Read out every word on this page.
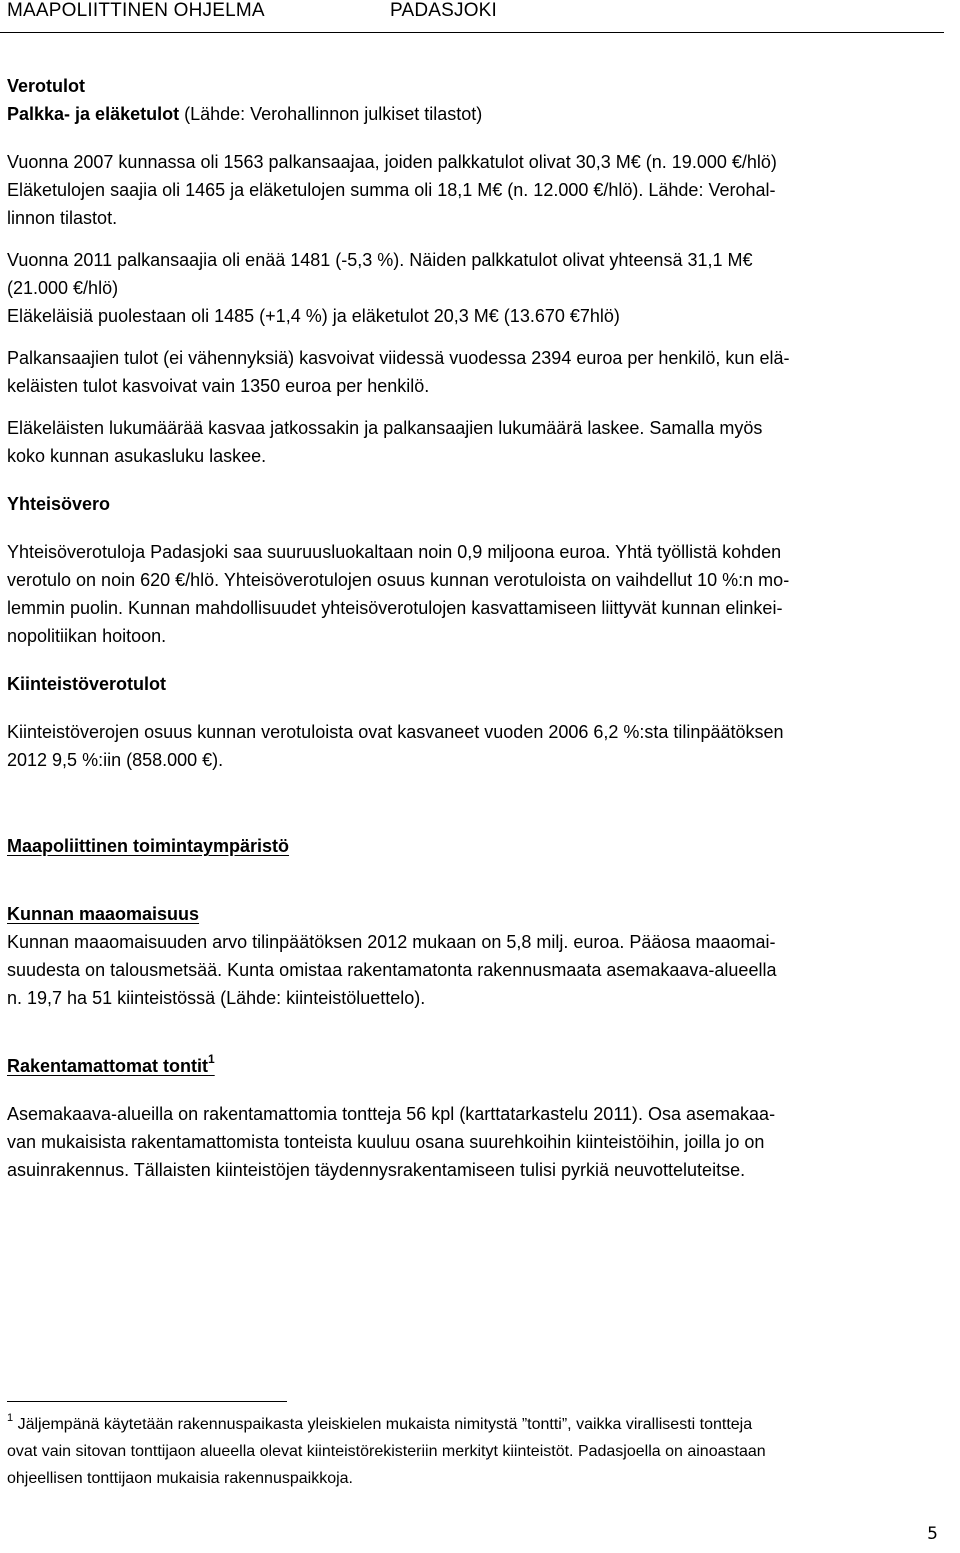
MAAPOLIITTINEN OHJELMA	PADASJOKI

Verotulot

Palkka- ja eläketulot (Lähde: Verohallinnon julkiset tilastot)

Vuonna 2007 kunnassa oli 1563 palkansaajaa, joiden palkkatulot olivat 30,3 M€ (n. 19.000 €/hlö)

Eläketulojen saajia oli 1465 ja eläketulojen summa oli 18,1 M€ (n. 12.000 €/hlö). Lähde: Verohal-

linnon tilastot.

Vuonna 2011 palkansaajia oli enää 1481 (-5,3 %). Näiden palkkatulot olivat yhteensä 31,1 M€

(21.000 €/hlö)

Eläkeläisiä puolestaan oli 1485 (+1,4 %) ja eläketulot 20,3 M€ (13.670 €7hlö)

Palkansaajien tulot (ei vähennyksiä) kasvoivat viidessä vuodessa 2394 euroa per henkilö, kun elä-

keläisten tulot kasvoivat vain 1350 euroa per henkilö.

Eläkeläisten lukumäärää kasvaa jatkossakin ja palkansaajien lukumäärä laskee. Samalla myös

koko kunnan asukasluku laskee.

Yhteisövero

Yhteisöverotuloja Padasjoki saa suuruusluokaltaan noin 0,9 miljoona euroa. Yhtä työllistä kohden

verotulo on noin 620 €/hlö. Yhteisöverotulojen osuus kunnan verotuloista on vaihdellut 10 %:n mo-

lemmin puolin. Kunnan mahdollisuudet yhteisöverotulojen kasvattamiseen liittyvät kunnan elinkei-

nopolitiikan hoitoon.

Kiinteistöverotulot

Kiinteistöverojen osuus kunnan verotuloista ovat kasvaneet vuoden 2006 6,2 %:sta tilinpäätöksen

2012 9,5 %:iin (858.000 €).

Maapoliittinen toimintaympäristö

Kunnan maaomaisuus

Kunnan maaomaisuuden arvo tilinpäätöksen 2012 mukaan on 5,8 milj. euroa. Pääosa maaomai-

suudesta on talousmetsää. Kunta omistaa rakentamatonta rakennusmaata asemakaava-alueella

n. 19,7 ha 51 kiinteistössä (Lähde: kiinteistöluettelo).

Rakentamattomat tontit$^1$

Asemakaava-alueilla on rakentamattomia tontteja 56 kpl (karttatarkastelu 2011). Osa asemakaa-

van mukaisista rakentamattomista tonteista kuuluu osana suurehkoihin kiinteistöihin, joilla jo on

asuinrakennus. Tällaisten kiinteistöjen täydennysrakentamiseen tulisi pyrkiä neuvotteluteitse.

$^1$ Jäljempänä käytetään rakennuspaikasta yleiskielen mukaista nimitystä ”tontti”, vaikka virallisesti tontteja

ovat vain sitovan tonttijaon alueella olevat kiinteistörekisteriin merkityt kiinteistöt. Padasjoella on ainoastaan

ohjeellisen tonttijaon mukaisia rakennuspaikkoja.

5
